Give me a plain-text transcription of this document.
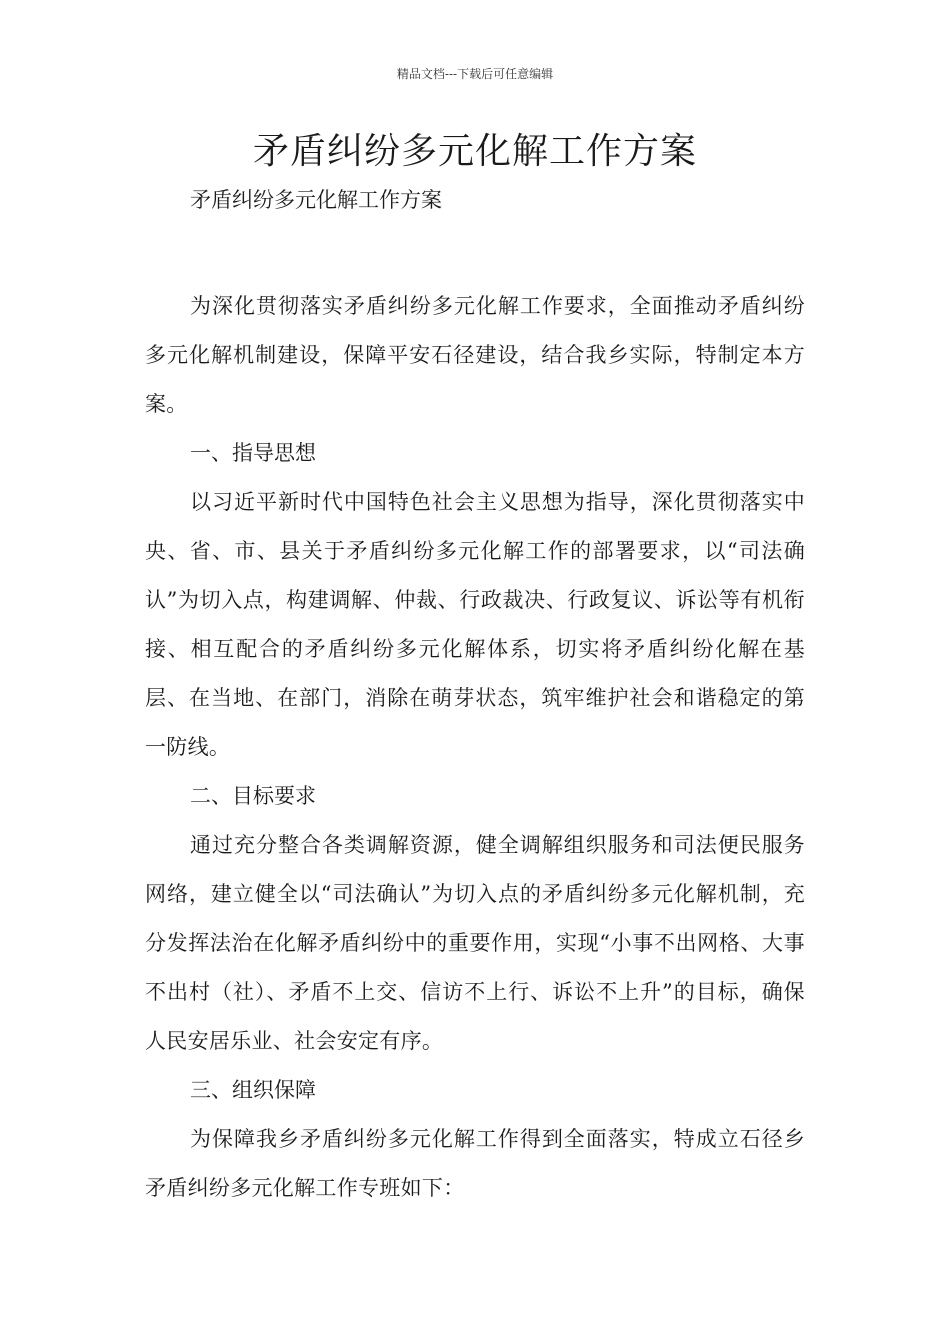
精品文档---下载后可任意编辑
矛盾纠纷多元化解工作方案
矛盾纠纷多元化解工作方案

为深化贯彻落实矛盾纠纷多元化解工作要求，全面推动矛盾纠纷多元化解机制建设，保障平安石径建设，结合我乡实际，特制定本方案。

一、指导思想

以习近平新时代中国特色社会主义思想为指导，深化贯彻落实中央、省、市、县关于矛盾纠纷多元化解工作的部署要求，以“司法确认”为切入点，构建调解、仲裁、行政裁决、行政复议、诉讼等有机衔接、相互配合的矛盾纠纷多元化解体系，切实将矛盾纠纷化解在基层、在当地、在部门，消除在萌芽状态，筑牢维护社会和谐稳定的第一防线。

二、目标要求

通过充分整合各类调解资源，健全调解组织服务和司法便民服务网络，建立健全以“司法确认”为切入点的矛盾纠纷多元化解机制，充分发挥法治在化解矛盾纠纷中的重要作用，实现“小事不出网格、大事不出村（社）、矛盾不上交、信访不上行、诉讼不上升”的目标，确保人民安居乐业、社会安定有序。

三、组织保障

为保障我乡矛盾纠纷多元化解工作得到全面落实，特成立石径乡矛盾纠纷多元化解工作专班如下：
